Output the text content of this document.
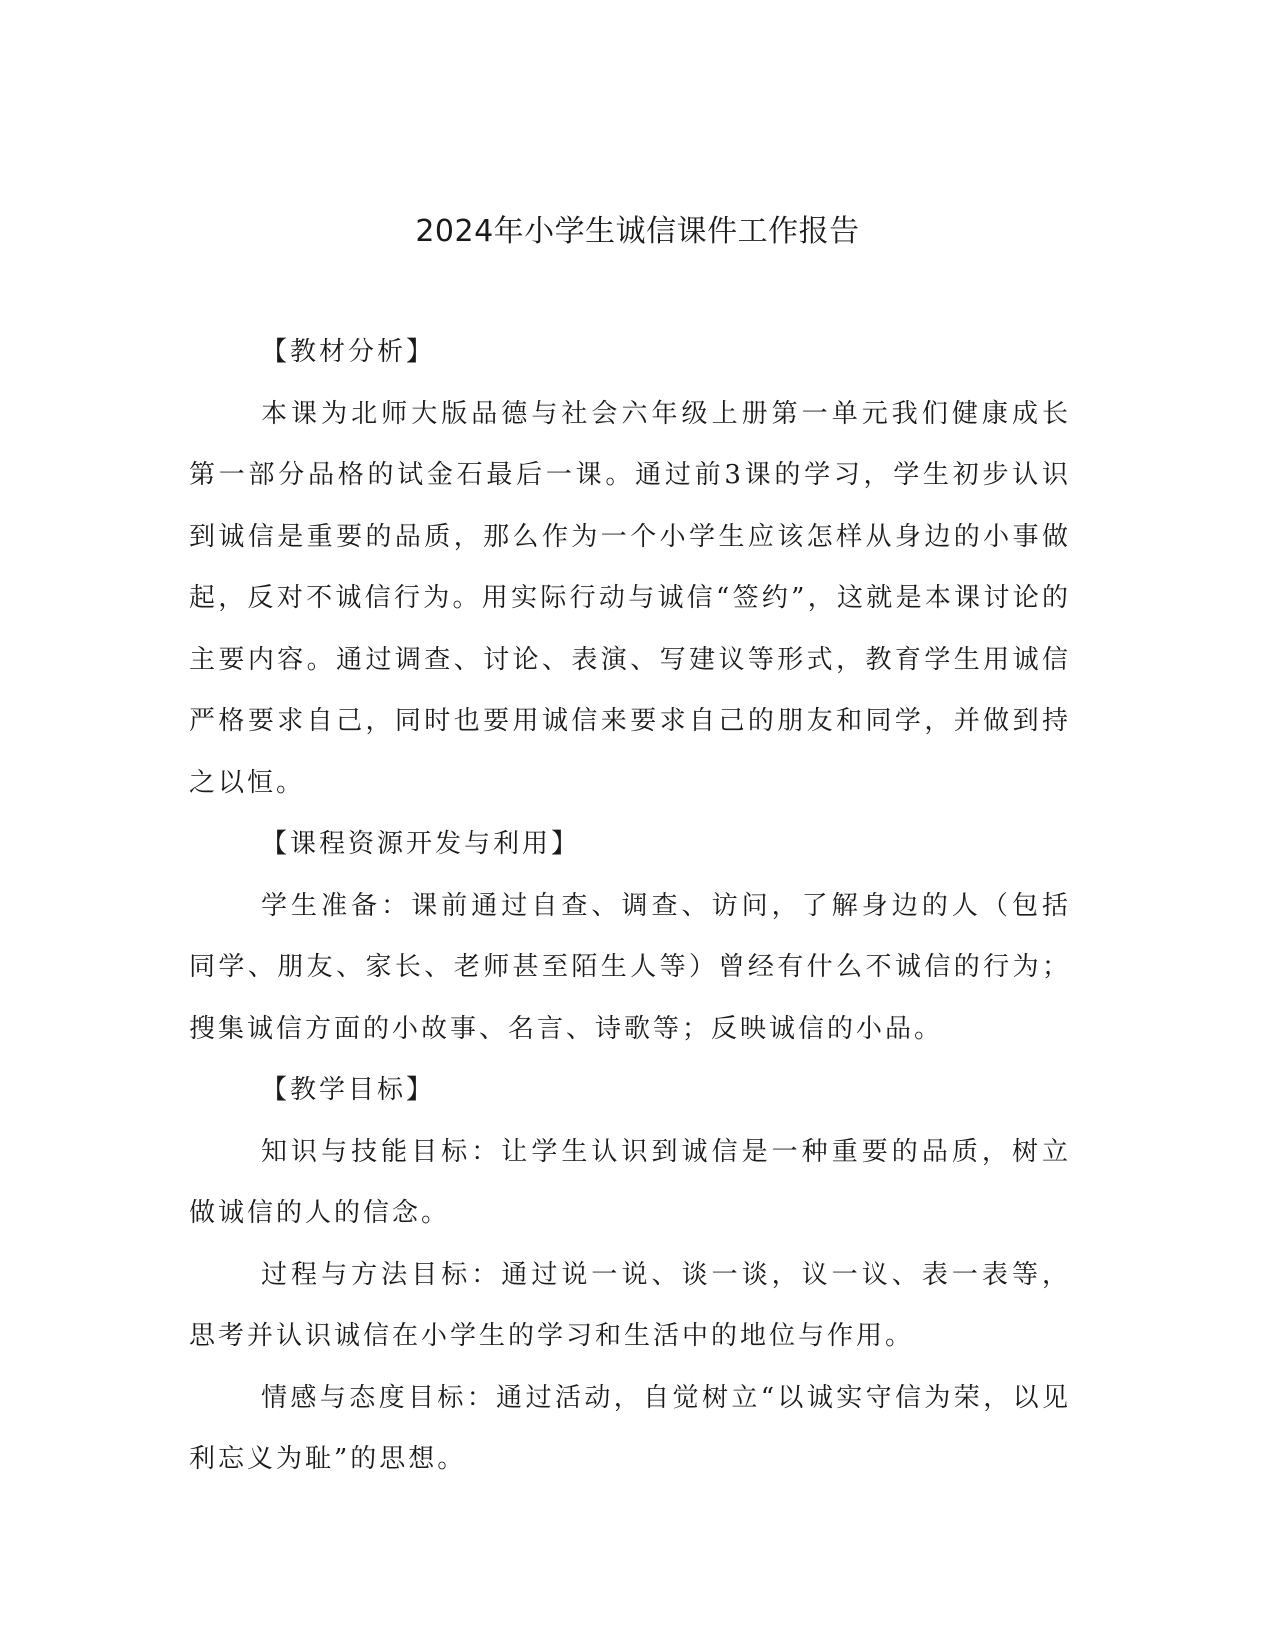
2024年小学生诚信课件工作报告

【教材分析】

本课为北师大版品德与社会六年级上册第一单元我们健康成长第一部分品格的试金石最后一课。通过前3课的学习，学生初步认识到诚信是重要的品质，那么作为一个小学生应该怎样从身边的小事做起，反对不诚信行为。用实际行动与诚信“签约”，这就是本课讨论的主要内容。通过调查、讨论、表演、写建议等形式，教育学生用诚信严格要求自己，同时也要用诚信来要求自己的朋友和同学，并做到持之以恒。

【课程资源开发与利用】

学生准备：课前通过自查、调查、访问，了解身边的人（包括同学、朋友、家长、老师甚至陌生人等）曾经有什么不诚信的行为；搜集诚信方面的小故事、名言、诗歌等；反映诚信的小品。

【教学目标】

知识与技能目标：让学生认识到诚信是一种重要的品质，树立做诚信的人的信念。

过程与方法目标：通过说一说、谈一谈，议一议、表一表等，思考并认识诚信在小学生的学习和生活中的地位与作用。

情感与态度目标：通过活动，自觉树立“以诚实守信为荣，以见利忘义为耻”的思想。
